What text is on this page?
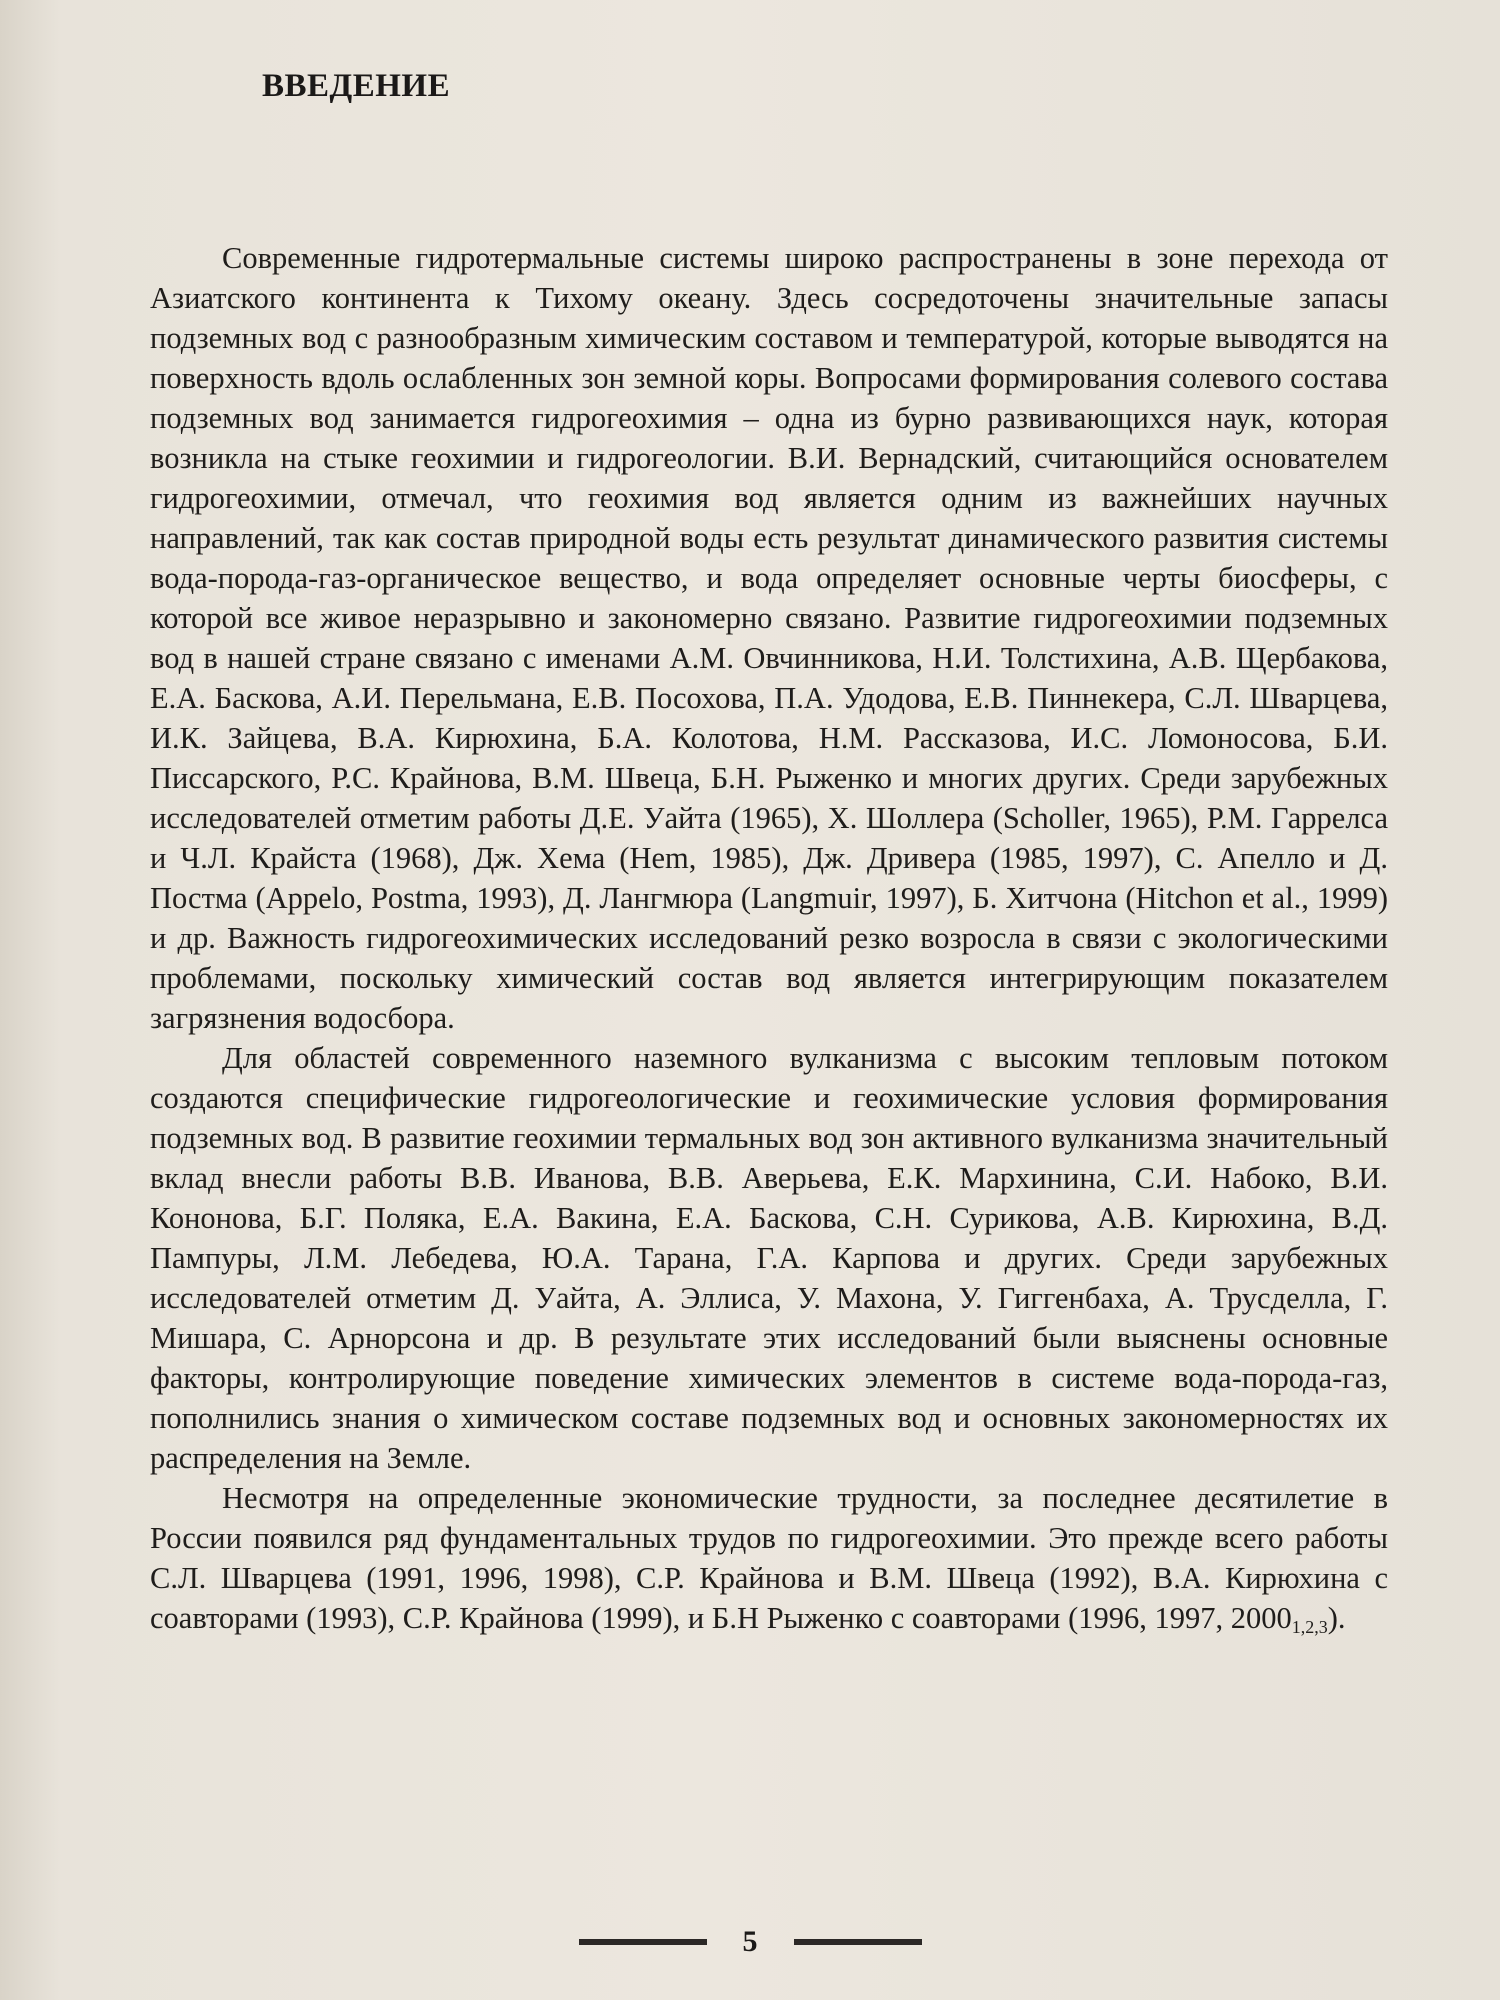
ВВЕДЕНИЕ

Современные гидротермальные системы широко распространены в зоне перехода от Азиатского континента к Тихому океану. Здесь сосредоточены значительные запасы подземных вод с разнообразным химическим составом и температурой, которые выводятся на поверхность вдоль ослабленных зон земной коры. Вопросами формирования солевого состава подземных вод занимается гидрогеохимия – одна из бурно развивающихся наук, которая возникла на стыке геохимии и гидрогеологии. В.И. Вернадский, считающийся основателем гидрогеохимии, отмечал, что геохимия вод является одним из важнейших научных направлений, так как состав природной воды есть результат динамического развития системы вода-порода-газ-органическое вещество, и вода определяет основные черты биосферы, с которой все живое неразрывно и закономерно связано. Развитие гидрогеохимии подземных вод в нашей стране связано с именами А.М. Овчинникова, Н.И. Толстихина, А.В. Щербакова, Е.А. Баскова, А.И. Перельмана, Е.В. Посохова, П.А. Удодова, Е.В. Пиннекера, С.Л. Шварцева, И.К. Зайцева, В.А. Кирюхина, Б.А. Колотова, Н.М. Рассказова, И.С. Ломоносова, Б.И. Писсарского, Р.С. Крайнова, В.М. Швеца, Б.Н. Рыженко и многих других. Среди зарубежных исследователей отметим работы Д.Е. Уайта (1965), Х. Шоллера (Scholler, 1965), Р.М. Гаррелса и Ч.Л. Крайста (1968), Дж. Хема (Hem, 1985), Дж. Дривера (1985, 1997), С. Апелло и Д. Постма (Appelo, Postma, 1993), Д. Лангмюра (Langmuir, 1997), Б. Хитчона (Hitchon et al., 1999) и др. Важность гидрогеохимических исследований резко возросла в связи с экологическими проблемами, поскольку химический состав вод является интегрирующим показателем загрязнения водосбора.

Для областей современного наземного вулканизма с высоким тепловым потоком создаются специфические гидрогеологические и геохимические условия формирования подземных вод. В развитие геохимии термальных вод зон активного вулканизма значительный вклад внесли работы В.В. Иванова, В.В. Аверьева, Е.К. Мархинина, С.И. Набоко, В.И. Кононова, Б.Г. Поляка, Е.А. Вакина, Е.А. Баскова, С.Н. Сурикова, А.В. Кирюхина, В.Д. Пампуры, Л.М. Лебедева, Ю.А. Тарана, Г.А. Карпова и других. Среди зарубежных исследователей отметим Д. Уайта, А. Эллиса, У. Махона, У. Гиггенбаха, А. Трусделла, Г. Мишара, С. Арнорсона и др. В результате этих исследований были выяснены основные факторы, контролирующие поведение химических элементов в системе вода-порода-газ, пополнились знания о химическом составе подземных вод и основных закономерностях их распределения на Земле.

Несмотря на определенные экономические трудности, за последнее десятилетие в России появился ряд фундаментальных трудов по гидрогеохимии. Это прежде всего работы С.Л. Шварцева (1991, 1996, 1998), С.Р. Крайнова и В.М. Швеца (1992), В.А. Кирюхина с соавторами (1993), С.Р. Крайнова (1999), и Б.Н Рыженко с соавторами (1996, 1997, $2000_{1,2,3}$).

5
